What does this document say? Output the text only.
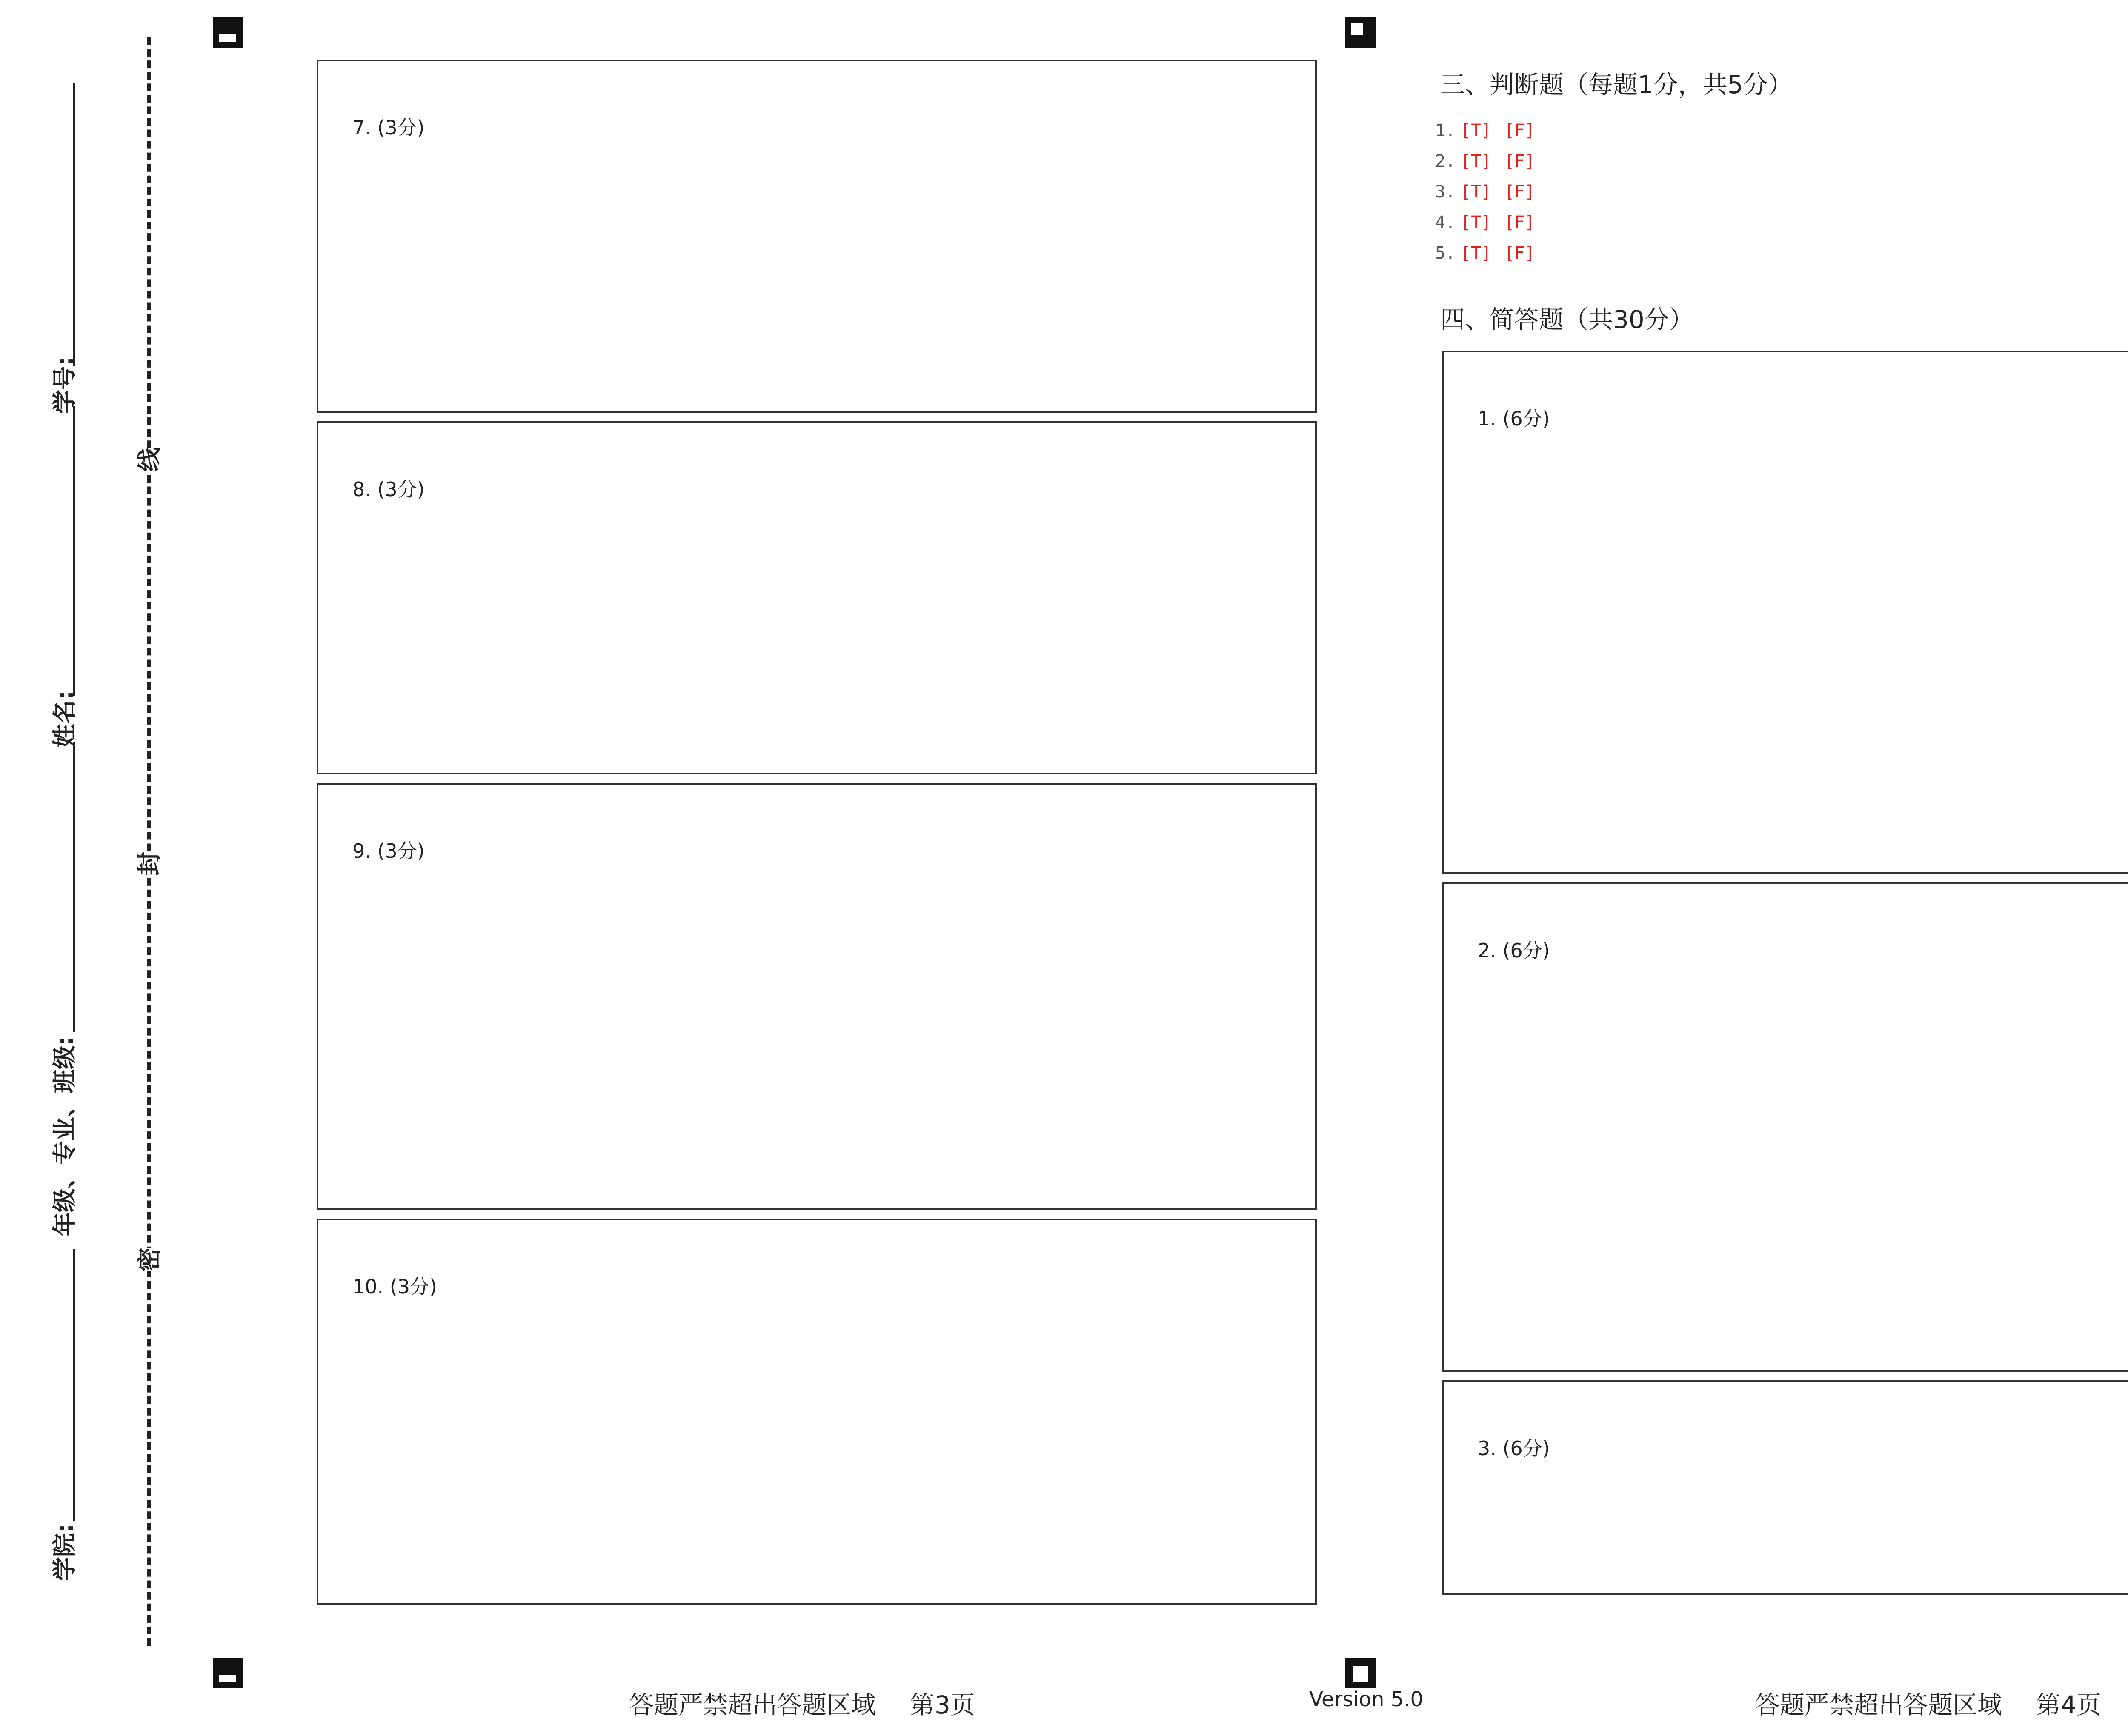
学号:
姓名:
年级、专业、班级:
学院:
线
封
密
7. (3分)
8. (3分)
9. (3分)
10. (3分)
答题严禁超出答题区域 第3页	Version 5.0
三、判断题（每题1分，共5分）
1. [T] [F]
2. [T] [F]
3. [T] [F]
4. [T] [F]
5. [T] [F]
四、简答题（共30分）
1. (6分)
2. (6分)
3. (6分)
答题严禁超出答题区域 第4页
